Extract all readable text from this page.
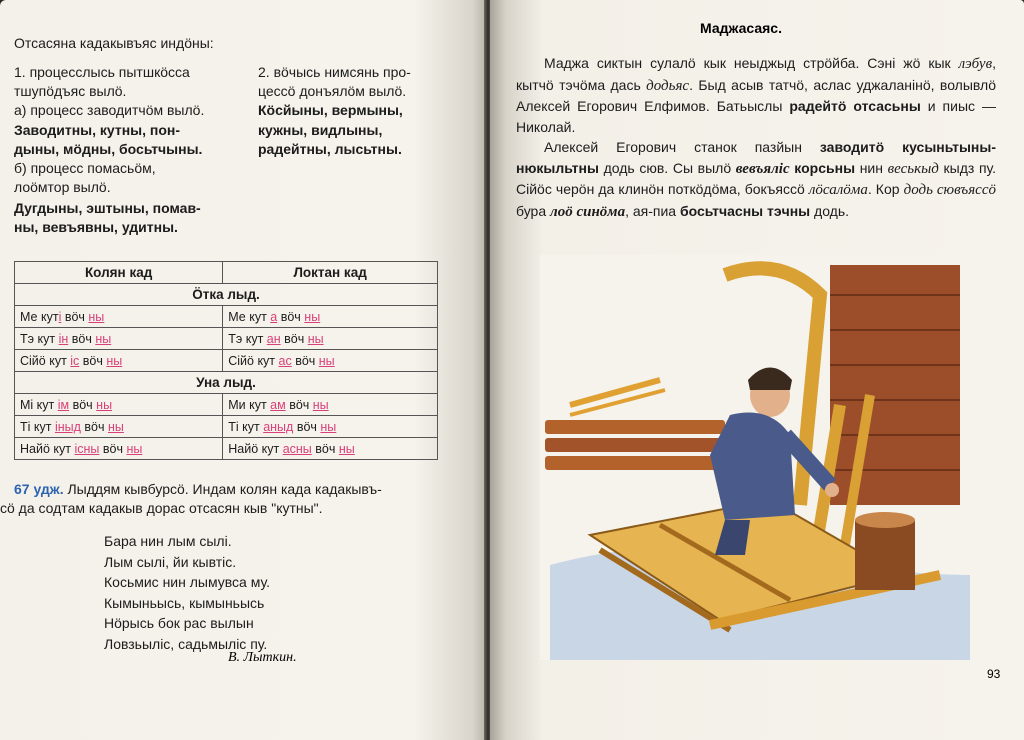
Отсасяна кадакывъяс индöны:
1. процесслысь пытшкöсса
тшупöдъяс вылö.
а) процесс заводитчöм вылö.
Заводитны, кутны, пон-
дыны, мöдны, босьтчыны.
б) процесс помасьöм,
лоöмтор вылö.
Дугдыны, эштыны, помав-
ны, вевъявны, удитны.
2. вöчысь нимсянь про-
цессö донъялöм вылö.
Кöсйыны, вермыны,
кужны, видлыны,
радейтны, лысьтны.
Колян кад	Локтан кад
Öтка лыд.	
Ме куті вöч ны	Ме кут а вöч ны
Тэ кут ін вöч ны	Тэ кут ан вöч ны
Сійö кут іс вöч ны	Сійö кут ас вöч ны
Уна лыд.	
Мі кут ім вöч ны	Ми кут ам вöч ны
Ті кут іныд вöч ны	Ті кут аныд вöч ны
Найö кут існы вöч ны	Найö кут асны вöч ны
67 удж. Лыддям кывбурсö. Индам колян када кадакывъ-
сö да содтам кадакыв дорас отсасян кыв "кутны".
Бара нин лым сылі.
Лым сылі, йи кывтіс.
Косьмис нин лымувса му.
Кымыньысь, кымыньысь
Нöрысь бок рас вылын
Ловзьыліс, садьмыліс пу.
В. Лыткин.
Маджасаяс.

Маджа сиктын сулалö кык неыджыд стрöйба. Сэні жö кык лэбув, кытчö тэчöма дась додьяс. Быд асыв татчö, аслас уджаланінö, волывлö Алексей Егорович Елфимов. Батьыслы радейтö отсасьны и пиыс — Николай.

Алексей Егорович станок пазйын заводитö кусыньтыны-нюкыльтны додь сюв. Сы вылö вевъяліс корсьны нин веськыд кыдз пу. Сійöс черöн да клинöн поткöдöма, бокъяссö лöсалöма. Кор додь сювъяссö бура лоö синöма, ая-пиа босьтчасны тэчны додь.

93
